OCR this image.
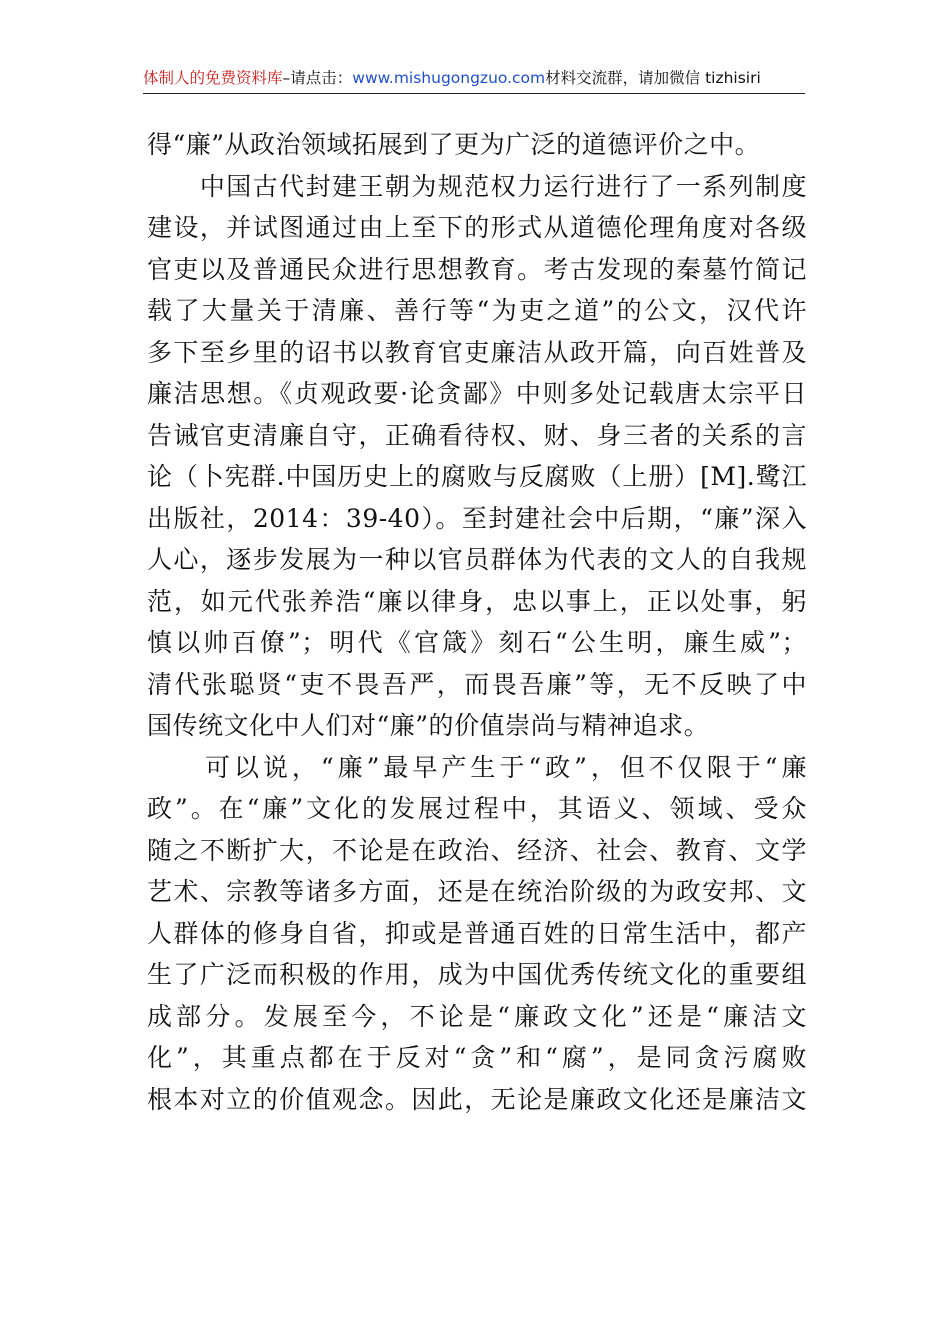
体制人的免费资料库 –请点击： www.mishugongzuo.com 材料交流群，请加微信 tizhisiri
得“廉”从政治领域拓展到了更为广泛的道德评价之中。
　　中国古代封建王朝为规范权力运行进行了一系列制度
建设，并试图通过由上至下的形式从道德伦理角度对各级
官吏以及普通民众进行思想教育。考古发现的秦墓竹简记
载了大量关于清廉、善行等“为吏之道”的公文，汉代许
多下至乡里的诏书以教育官吏廉洁从政开篇，向百姓普及
廉洁思想。《贞观政要·论贪鄙》中则多处记载唐太宗平日
告诫官吏清廉自守，正确看待权、财、身三者的关系的言
论（卜宪群.中国历史上的腐败与反腐败（上册）[M].鹭江
出版社，2014：39-40）。至封建社会中后期，“廉”深入
人心，逐步发展为一种以官员群体为代表的文人的自我规
范，如元代张养浩“廉以律身，忠以事上，正以处事，躬
慎以帅百僚”；明代《官箴》刻石“公生明，廉生威”；
清代张聪贤“吏不畏吾严，而畏吾廉”等，无不反映了中
国传统文化中人们对“廉”的价值崇尚与精神追求。
　　可以说，“廉”最早产生于“政”，但不仅限于“廉
政”。在“廉”文化的发展过程中，其语义、领域、受众
随之不断扩大，不论是在政治、经济、社会、教育、文学
艺术、宗教等诸多方面，还是在统治阶级的为政安邦、文
人群体的修身自省，抑或是普通百姓的日常生活中，都产
生了广泛而积极的作用，成为中国优秀传统文化的重要组
成部分。发展至今，不论是“廉政文化”还是“廉洁文
化”，其重点都在于反对“贪”和“腐”，是同贪污腐败
根本对立的价值观念。因此，无论是廉政文化还是廉洁文
